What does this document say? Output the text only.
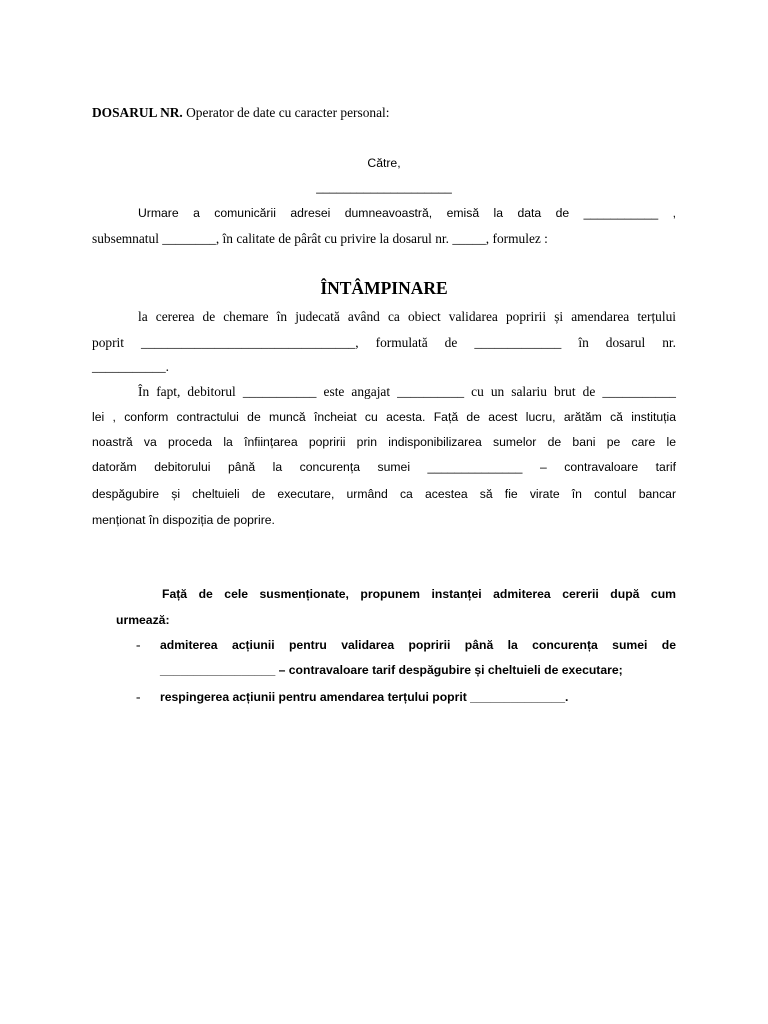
DOSARUL NR. Operator de date cu caracter personal:
Către,
____________________
Urmare a comunicării adresei dumneavoastră, emisă la data de ___________ ,
subsemnatul ________, în calitate de pârât cu privire la dosarul nr. _____, formulez :
ÎNTÂMPINARE
la cererea de chemare în judecată având ca obiect validarea popririi și amendarea terțului
poprit ________________________________, formulată de _____________ în dosarul nr.
___________.
În fapt, debitorul ___________ este angajat __________ cu un salariu brut de ___________
lei , conform contractului de muncă încheiat cu acesta. Față de acest lucru, arătăm că instituția
noastră va proceda la înființarea popririi prin indisponibilizarea sumelor de bani pe care le
datorăm debitorului până la concurența sumei ______________ – contravaloare tarif
despăgubire și cheltuieli de executare, urmând ca acestea să fie virate în contul bancar
menționat în dispoziția de poprire.
Față de cele susmenționate, propunem instanței admiterea cererii după cum
urmează:
- admiterea acțiunii pentru validarea popririi până la concurența sumei de
_________________ – contravaloare tarif despăgubire și cheltuieli de executare;
- respingerea acțiunii pentru amendarea terțului poprit ______________.
